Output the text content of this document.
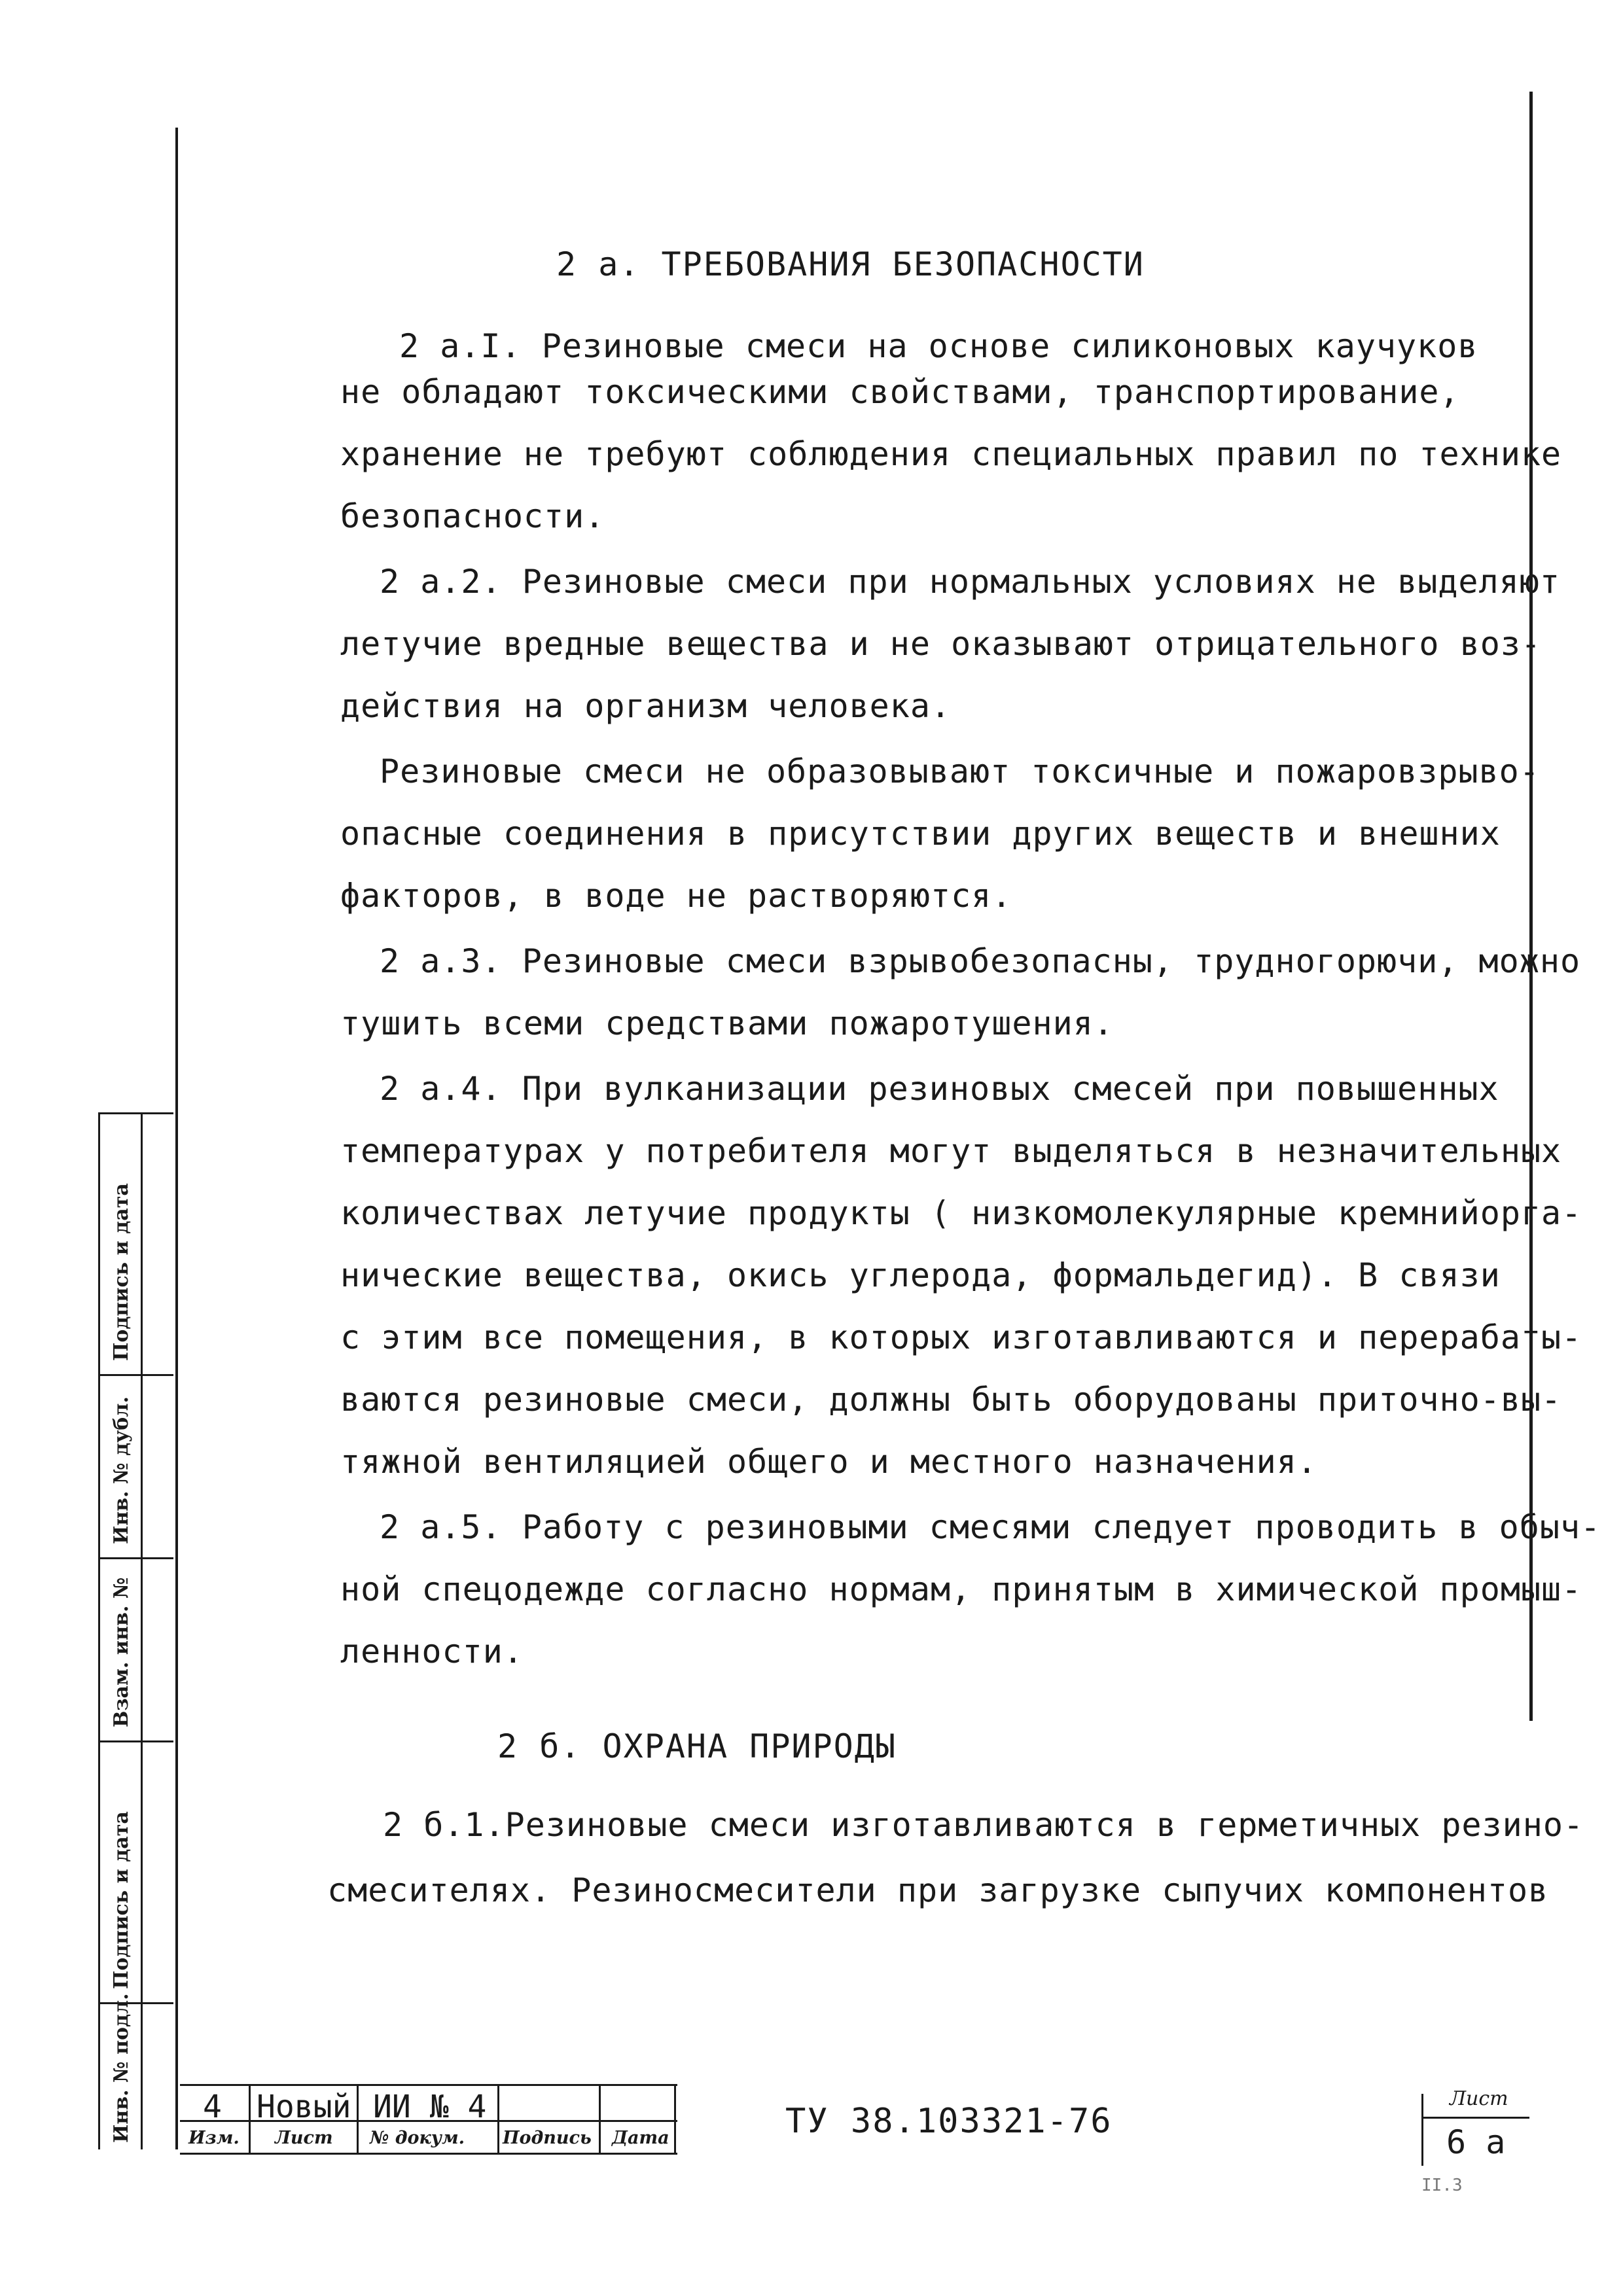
Подпись и дата
Инв. № дубл.
Взам. инв. №
Подпись и дата
Инв. № подл.
2 а. ТРЕБОВАНИЯ БЕЗОПАСНОСТИ
2 а.I. Резиновые смеси на основе силиконовых каучуков
не обладают токсическими свойствами, транспортирование,
хранение не требуют соблюдения специальных правил по технике
безопасности.
2 а.2. Резиновые смеси при нормальных условиях не выделяют
летучие вредные вещества и не оказывают отрицательного воз-
действия на организм человека.
Резиновые смеси не образовывают токсичные и пожаровзрыво-
опасные соединения в присутствии других веществ и внешних
факторов, в воде не растворяются.
2 а.3. Резиновые смеси взрывобезопасны, трудногорючи, можно
тушить всеми средствами пожаротушения.
2 а.4. При вулканизации резиновых смесей при повышенных
температурах у потребителя могут выделяться в незначительных
количествах летучие продукты ( низкомолекулярные кремнийорга-
нические вещества, окись углерода, формальдегид). В связи
с этим все помещения, в которых изготавливаются и перерабаты-
ваются резиновые смеси, должны быть оборудованы приточно-вы-
тяжной вентиляцией общего и местного назначения.
2 а.5. Работу с резиновыми смесями следует проводить в обыч-
ной спецодежде согласно нормам, принятым в химической промыш-
ленности.
2 б. ОХРАНА ПРИРОДЫ
2 б.1.Резиновые смеси изготавливаются в герметичных резино-
смесителях. Резиносмесители при загрузке сыпучих компонентов
4 Новый ИИ № 4
Изм. Лист № докум. Подпись Дата	ТУ 38.103321-76
Лист
6 а
II.3
